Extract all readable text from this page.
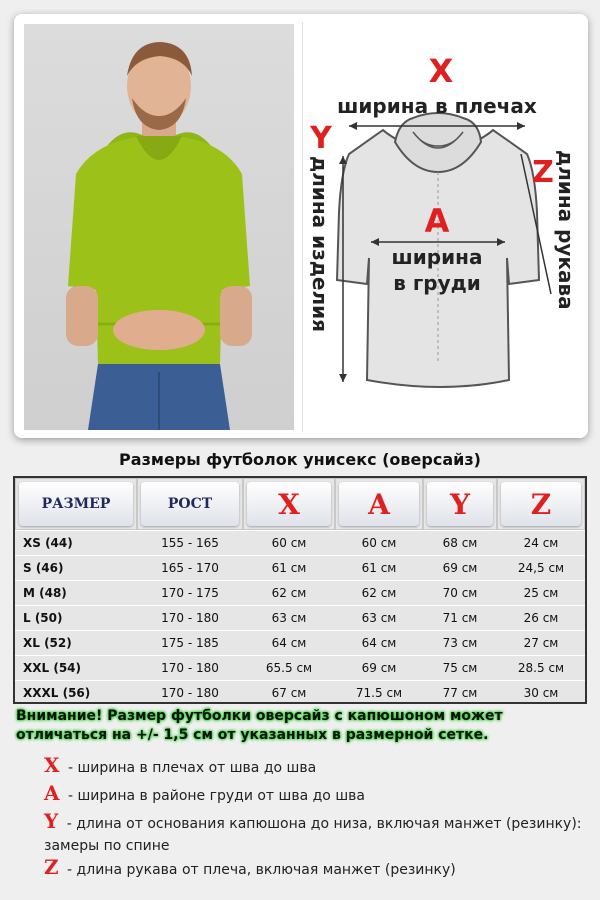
X
ширина в плечах
Y
длина изделия	Z длина рукава
A
ширина
в груди
Размеры футболок унисекс (оверсайз)
РАЗМЕР	РОСТ	X	A	Y	Z

XS (44)	155 - 165	60 см	60 см	68 см	24 см
S (46)	165 - 170	61 см	61 см	69 см	24,5 см
M (48)	170 - 175	62 см	62 см	70 см	25 см
L (50)	170 - 180	63 см	63 см	71 см	26 см
XL (52)	175 - 185	64 см	64 см	73 см	27 см
XXL (54)	170 - 180	65.5 см	69 см	75 см	28.5 см
XXXL (56)	170 - 180	67 см	71.5 см	77 см	30 см
Внимание! Размер футболки оверсайз с капюшоном может
отличаться на +/- 1,5 см от указанных в размерной сетке.
X - ширина в плечах от шва до шва
A - ширина в районе груди от шва до шва
Y - длина от основания капюшона до низа, включая манжет (резинку): замеры по спине
Z - длина рукава от плеча, включая манжет (резинку)
